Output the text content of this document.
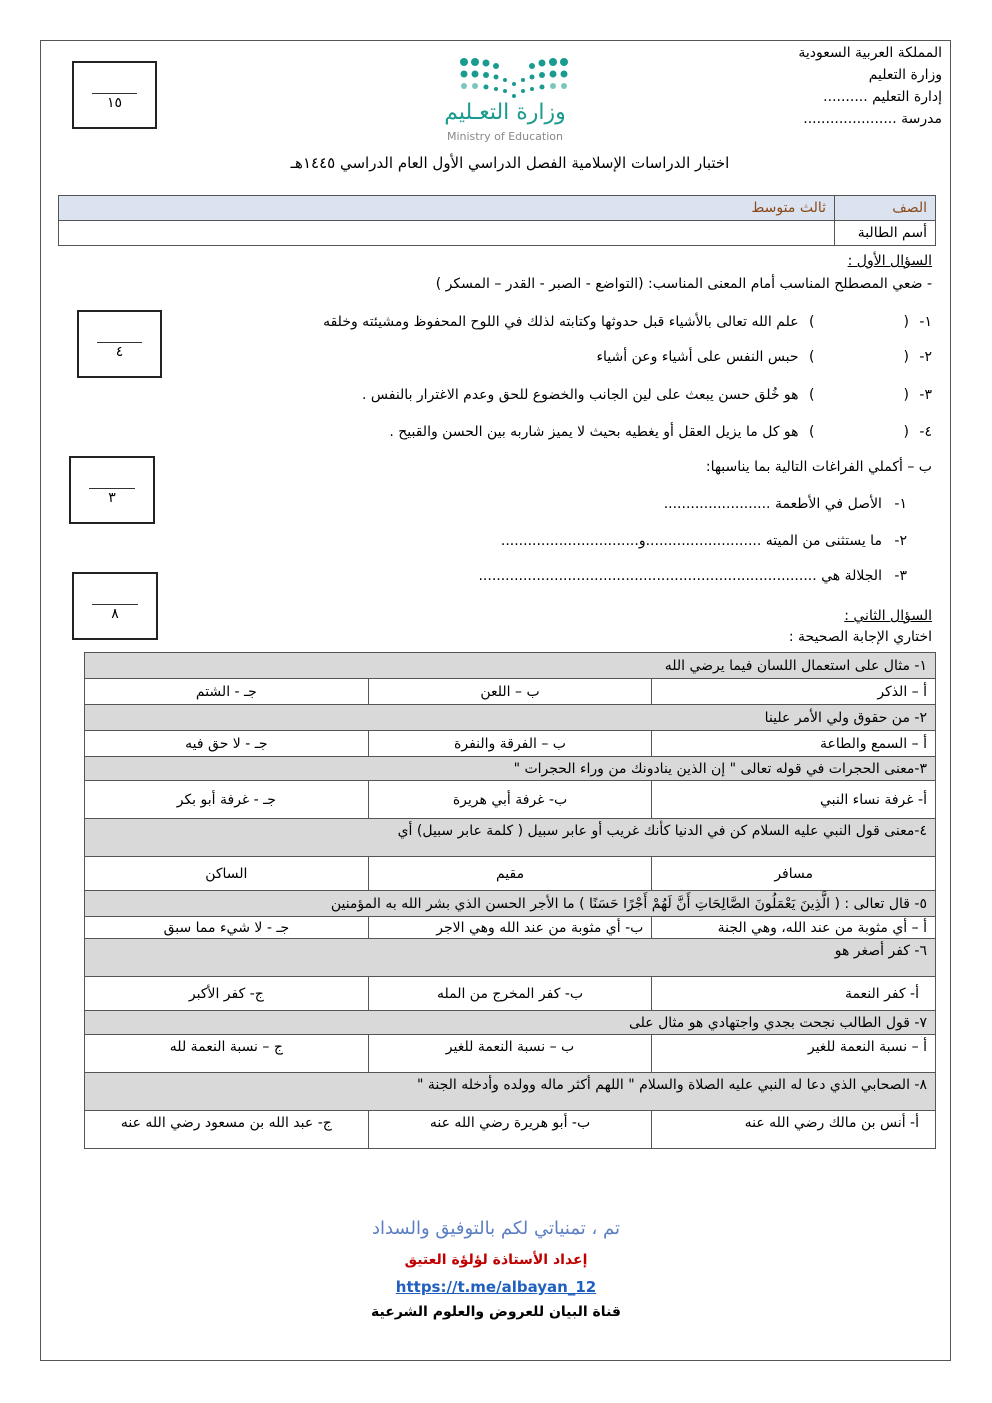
المملكة العربية السعودية
وزارة التعليم
إدارة التعليم ..........
مدرسة .....................
وزارة التعـليم
Ministry of Education
١٥
اختبار الدراسات الإسلامية الفصل الدراسي الأول العام الدراسي ١٤٤٥هـ
الصف	ثالث متوسط
أسم الطالبة	
السؤال الأول :
- ضعي المصطلح المناسب أمام المعنى المناسب: (التواضع - الصبر - القدر – المسكر )
٤
١- (                    ) علم الله تعالى بالأشياء قبل حدوثها وكتابته لذلك في اللوح المحفوظ ومشيئته وخلقه
٢- (                    ) حبس النفس على أشياء وعن أشياء
٣- (                    ) هو خُلق حسن يبعث على لين الجانب والخضوع للحق وعدم الاغترار بالنفس .
٤- (                    ) هو كل ما يزيل العقل أو يغطيه بحيث لا يميز شاربه بين الحسن والقبيح .
ب – أكملي الفراغات التالية بما يناسبها:
٣	١- الأصل في الأطعمة ........................
٢- ما يستثنى من الميته ..........................و...............................
٣- الجلالة هي ............................................................................
٨	السؤال الثاني :
اختاري الإجابة الصحيحة :
١- مثال على استعمال اللسان فيما يرضي الله		
أ – الذكر	ب – اللعن	جـ - الشتم
٢- من حقوق ولي الأمر علينا		
أ – السمع والطاعة	ب – الفرقة والنفرة	جـ - لا حق فيه
٣-معنى الحجرات في قوله تعالى " إن الذين ينادونك من وراء الحجرات "		
أ- غرفة نساء النبي	ب- غرفة أبي هريرة	جـ - غرفة أبو بكر
٤-معنى قول النبي عليه السلام كن في الدنيا كأنك غريب أو عابر سبيل ( كلمة عابر سبيل) أي		
مسافر	مقيم	الساكن
٥- قال تعالى : ( الَّذِينَ يَعْمَلُونَ الصَّالِحَاتِ أَنَّ لَهُمْ أَجْرًا حَسَنًا ) ما الأجر الحسن الذي بشر الله به المؤمنين		
أ – أي مثوبة من عند الله، وهي الجنة	ب- أي مثوبة من عند الله وهي الاجر	جـ - لا شيء مما سبق
٦- كفر أصغر هو		
أ- كفر النعمة	ب- كفر المخرج من المله	ج- كفر الأكبر
٧- قول الطالب نجحت بجدي واجتهادي هو مثال على		
أ – نسبة النعمة للغير	ب – نسبة النعمة للغير	ج – نسبة النعمة لله
٨- الصحابي الذي دعا له النبي عليه الصلاة والسلام " اللهم أكثر ماله وولده وأدخله الجنة "		
أ- أنس بن مالك رضي الله عنه	ب- أبو هريرة رضي الله عنه	ج- عبد الله بن مسعود رضي الله عنه
تم ، تمنياتي لكم بالتوفيق والسداد
إعداد الأستاذة لؤلؤة العتيق
https://t.me/albayan_12
قناة البيان للعروض والعلوم الشرعية
